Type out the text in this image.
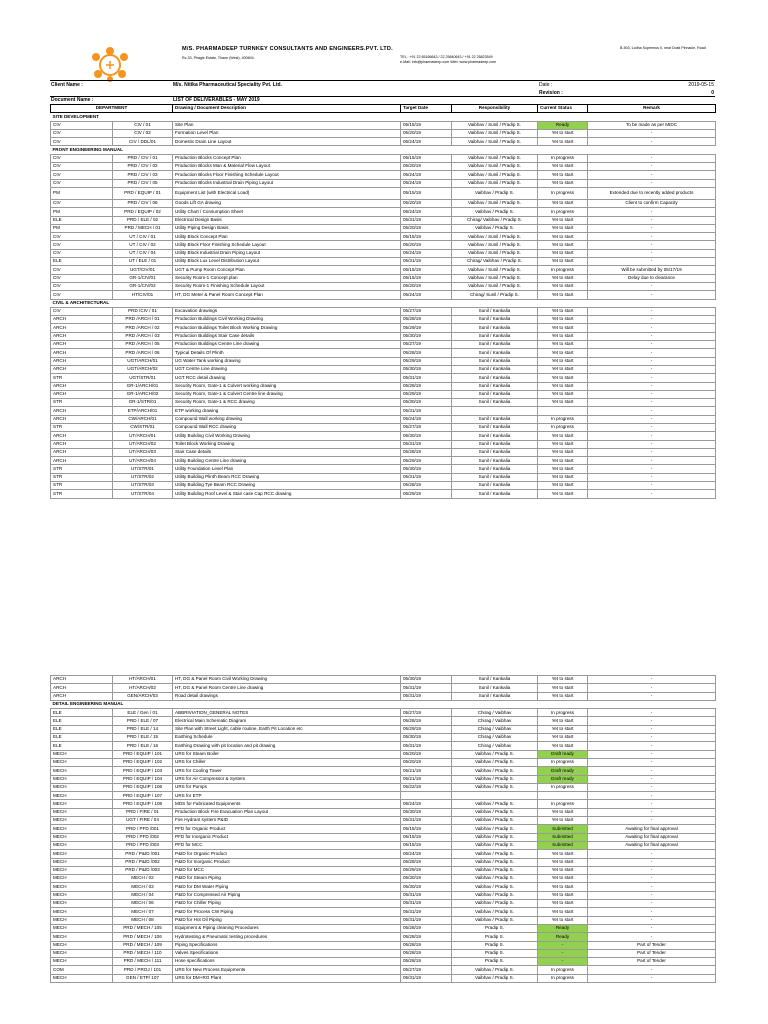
M/S. PHARMADEEP TURNKEY CONSULTANTS AND ENGINEERS.PVT. LTD.
Rx-33, Phagle Estate, Thane (West), 400604.	TEL : +91 22 65166643 / 22 25840643 / +91 22 25823549
e-Mail: info@pharmadeep.com Web: www.pharmadeep.com
B-503, Lodha Supremus II, near Dosti Pinnacle, Road
Client Name :	M/s. Nitika Pharmaceutical Speciality Pvt. Ltd.	Date :	2019-05-15
Revision :	0
Document Name :	LIST OF DELIVERABLES - MAY 2019
DEPARTMENT		Drawing / Document Description	Target Date	Responsibility	Current Status	Remark
SITE DEVELOPMENT						
CIV	CIV / 01	Site Plan	05/15/19	Vaibhav / Sunil / Pradip S.	Ready	To be made as per MIDC
CIV	CIV / 02	Formation Level Plan	05/20/19	Vaibhav / Sunil / Pradip S.	Yet to start	-
CIV	CIV / DDL/01	Domestic Drain Line Layout	05/24/19	Vaibhav / Sunil / Pradip S.	Yet to start	-
FRONT ENGINEERING MANUAL						
CIV	PRD / CIV / 01	Production Blocks Concept Plan	05/15/19	Vaibhav / Sunil / Pradip S.	In progress	-
CIV	PRD / CIV / 02	Production Blocks Man & Material Flow Layout	05/20/19	Vaibhav / Sunil / Pradip S.	Yet to start	-
CIV	PRD / CIV / 03	Production Blocks Floor Finishing Schedule Layout	05/24/19	Vaibhav / Sunil / Pradip S.	Yet to start	-
CIV	PRD / CIV / 05	Production Blocks Industrial Drain Piping Layout	05/24/19	Vaibhav / Sunil / Pradip S.	Yet to start	-
PM	PRD / EQUIP / 01	Equipment List (with Electrical Load)	05/15/19	Vaibhav / Pradip S.	In progress	Extended due to recently added products
CIV	PRD / CIV / 06	Goods Lift GA drawing	05/20/19	Vaibhav / Sunil / Pradip S.	Yet to start	Client to confirm Capacity
PM	PRD / EQUIP / 02	Utility Chart / Consumption Sheet	05/24/19	Vaibhav / Pradip S.	In progress	-
ELE	PRD / ELE / 02	Electrical Design Basis	05/31/19	Chirag/ Vaibhav / Pradip S.	Yet to start	-
PM	PRD / MECH / 01	Utility Piping Design Basis	05/20/19	Vaibhav / Pradip S.	Yet to start	-
CIV	UT / CIV / 01	Utility Block Concept Plan	05/15/19	Vaibhav / Sunil / Pradip S.	Yet to start	-
CIV	UT / CIV / 02	Utility Block Floor Finishing Schedule Layout	05/20/19	Vaibhav / Sunil / Pradip S.	Yet to start	-
CIV	UT / CIV / 04	Utility Block Industrial Drain Piping Layout	05/24/19	Vaibhav / Sunil / Pradip S.	Yet to start	-
ELE	UT / ELE / 01	Utility Block Lux Level Distribution Layout	05/31/19	Chirag/ Vaibhav / Pradip S.	Yet to start	-
CIV	UGT/CIV/01	UGT & Pump Room Concept Plan	05/15/19	Vaibhav / Sunil / Pradip S.	In progress	Will be submitted by 05/17/19
CIV	GR-1/CIV/01	Security Room-1 Concept plan	05/15/19	Vaibhav / Sunil / Pradip S.	Yet to start	Delay due to clearance
CIV	GR-1/CIV/02	Security Room-1 Finishing Schedule Layout	05/20/19	Vaibhav / Sunil / Pradip S.	Yet to start	-
CIV	HT/CIV/01	HT, DG Meter & Panel Room Concept Plan	05/24/19	Chirag/ Sunil / Pradip S.	Yet to start	-
CIVIL & ARCHITECTURAL						
CIV	PRD /CIV / 01	Excavation drawings	05/27/19	Sunil / Kankalia	Yet to start	-
ARCH	PRD /ARCH / 01	Production Buildings Civil Working Drawing	05/28/19	Sunil / Kankalia	Yet to start	-
ARCH	PRD /ARCH / 02	Production Buildings Toilet Block Working Drawing	05/29/19	Sunil / Kankalia	Yet to start	-
ARCH	PRD /ARCH / 03	Production Buildings Stair Case details	05/30/19	Sunil / Kankalia	Yet to start	-
ARCH	PRD /ARCH / 05	Production Buildings Centre Line drawing	05/27/19	Sunil / Kankalia	Yet to start	-
ARCH	PRD /ARCH / 06	Typical Details Of Plinth	05/28/19	Sunil / Kankalia	Yet to start	-
ARCH	UGT/ARCH/01	UG Water Tank working drawing	05/29/19	Sunil / Kankalia	Yet to start	-
ARCH	UGT/ARCH/02	UGT Centre Line drawing	05/30/19	Sunil / Kankalia	Yet to start	-
STR	UGT/STR/01	UGT RCC detail drawing	05/31/19	Sunil / Kankalia	Yet to start	-
ARCH	GR-1/ARCH/01	Security Room, Gate-1 & Culvert working drawing	05/28/19	Sunil / Kankalia	Yet to start	-
ARCH	GR-1/ARCH/02	Security Room, Gate-1 & Culvert Centre line drawing	05/29/19	Sunil / Kankalia	Yet to start	-
STR	GR-1/STR/01	Security Room, Gate-1 & RCC drawing	05/30/19	Sunil / Kankalia	Yet to start	-
ARCH	ETP/ARCH/01	ETP working drawing	05/31/19			-
ARCH	CW/ARCH/01	Compound Wall working drawing	05/24/19	Sunil / Kankalia	In progress	-
STR	CW/STR/01	Compound Wall RCC drawing	05/27/19	Sunil / Kankalia	In progress	-
ARCH	UT/ARCH/01	Utility Building Civil Working Drawing	05/30/19	Sunil / Kankalia	Yet to start	-
ARCH	UT/ARCH/02	Toilet Block Working Drawing	05/31/19	Sunil / Kankalia	Yet to start	-
ARCH	UT/ARCH/03	Stair Case details	05/28/19	Sunil / Kankalia	Yet to start	-
ARCH	UT/ARCH/04	Utility Building Centre Line drawing	05/29/19	Sunil / Kankalia	Yet to start	-
STR	UT/STR/01	Utility Foundation Level Plan	05/30/19	Sunil / Kankalia	Yet to start	-
STR	UT/STR/02	Utility Building Plinth Beam RCC Drawing	05/31/19	Sunil / Kankalia	Yet to start	-
STR	UT/STR/03	Utility Building Tye Beam RCC Drawing	05/28/19	Sunil / Kankalia	Yet to start	-
STR	UT/STR/04	Utility Building Roof Level & Stair case Cap RCC drawing	05/29/19	Sunil / Kankalia	Yet to start	-
ARCH	HT/ARCH/01	HT, DG & Panel Room Civil Working Drawing	05/30/19	Sunil / Kankalia	Yet to start	-
ARCH	HT/ARCH/02	HT, DG & Panel Room Centre Line drawing	05/31/19	Sunil / Kankalia	Yet to start	-
ARCH	GEN/ARCH/03	Road detail drawings	05/31/19	Sunil / Kankalia	Yet to start	-
DETAIL ENGINEERING MANUAL						
ELE	ELE / Gen / 01	ABBRIVIATION_GENERAL NOTES	05/27/19	Chirag / Vaibhav	In progress	-
ELE	PRD / ELE / 07	Electrical Main Schematic Diagram	05/28/19	Chirag / Vaibhav	Yet to start	-
ELE	PRD / ELE / 14	Site Plan with Street Light, cable routine, Earth Pit Location etc	05/29/19	Chirag / Vaibhav	Yet to start	-
ELE	PRD / ELE / 15	Earthing Schedule	05/30/19	Chirag / Vaibhav	Yet to start	-
ELE	PRD / ELE / 16	Earthing Drawing with pit location and pit drawing	05/31/19	Chirag / Vaibhav	Yet to start	-
MECH	PRD / EQUIP / 101	URS for Steam Boiler	05/20/19	Vaibhav / Pradip S.	Draft ready	-
MECH	PRD / EQUIP / 102	URS for Chiller	05/20/19	Vaibhav / Pradip S.	In progress	-
MECH	PRD / EQUIP / 103	URS for Cooling Tower	05/21/19	Vaibhav / Pradip S.	Draft ready	-
MECH	PRD / EQUIP / 104	URS for Air Compressor & System	05/21/19	Vaibhav / Pradip S.	Draft ready	-
MECH	PRD / EQUIP / 106	URS for Pumps	05/22/19	Vaibhav / Pradip S.	In progress	-
MECH	PRD / EQUIP / 107	URS for ETP				-
MECH	PRD / EQUIP / 108	MDS for Fabricated Equipments	05/24/19	Vaibhav / Pradip S.	In progress	-
MECH	PRD / FIRE / 01	Production Block Fire Evacuation Plan Layout	05/30/19	Vaibhav / Pradip S.	Yet to start	-
MECH	UGT / FIRE / 04	Fire Hydrant system P&ID	05/31/19	Vaibhav / Pradip S.	Yet to start	-
MECH	PRD / PFD /001	PFD for Organic Product	05/15/19	Vaibhav / Pradip S.	Submitted	Awaiting for final approval
MECH	PRD / PFD /002	PFD for Inorganic Product	05/15/19	Vaibhav / Pradip S.	Submitted	Awaiting for final approval
MECH	PRD / PFD /003	PFD for MCC	05/15/19	Vaibhav / Pradip S.	Submitted	Awaiting for final approval
MECH	PRD / P&ID /001	P&ID for Organic Product	05/24/19	Vaibhav / Pradip S.	Yet to start	-
MECH	PRD / P&ID /002	P&ID for Inorganic Product	05/28/19	Vaibhav / Pradip S.	Yet to start	-
MECH	PRD / P&ID /003	P&ID for MCC	05/29/19	Vaibhav / Pradip S.	Yet to start	-
MECH	MECH / 02	P&ID for Steam Piping	05/30/19	Vaibhav / Pradip S.	Yet to start	-
MECH	MECH / 03	P&ID for DM Water Piping	05/30/19	Vaibhav / Pradip S.	Yet to start	-
MECH	MECH / 04	P&ID for Compressed Air Piping	05/31/19	Vaibhav / Pradip S.	Yet to start	-
MECH	MECH / 06	P&ID for Chiller Piping	05/31/19	Vaibhav / Pradip S.	Yet to start	-
MECH	MECH / 07	P&ID for Process CW Piping	05/31/19	Vaibhav / Pradip S.	Yet to start	-
MECH	MECH / 08	P&ID for Hot Oil Piping	05/31/19	Vaibhav / Pradip S.	Yet to start	-
MECH	PRD / MECH / 105	Equipment & Piping cleaning Procedures	05/28/19	Pradip S.	Ready	-
MECH	PRD / MECH / 106	Hydrotesting & Pneumatic testing procedures	05/28/19	Pradip S.	Ready	-
MECH	PRD / MECH / 109	Piping Specifications	05/28/19	Pradip S.	-	Part of Tender
MECH	PRD / MECH / 110	Valves Specifications	05/28/19	Pradip S.	-	Part of Tender
MECH	PRD / MECH / 111	Hose specifications	05/28/19	Pradip S.	-	Part of Tender
COM	PRD / PROJ / 101	URS for New Process Equipments	05/27/19	Vaibhav / Pradip S.	In progress	-
MECH	GEN / ETP/ 107	URS for DM+RO Plant	05/31/19	Vaibhav / Pradip S.	In progress	-
